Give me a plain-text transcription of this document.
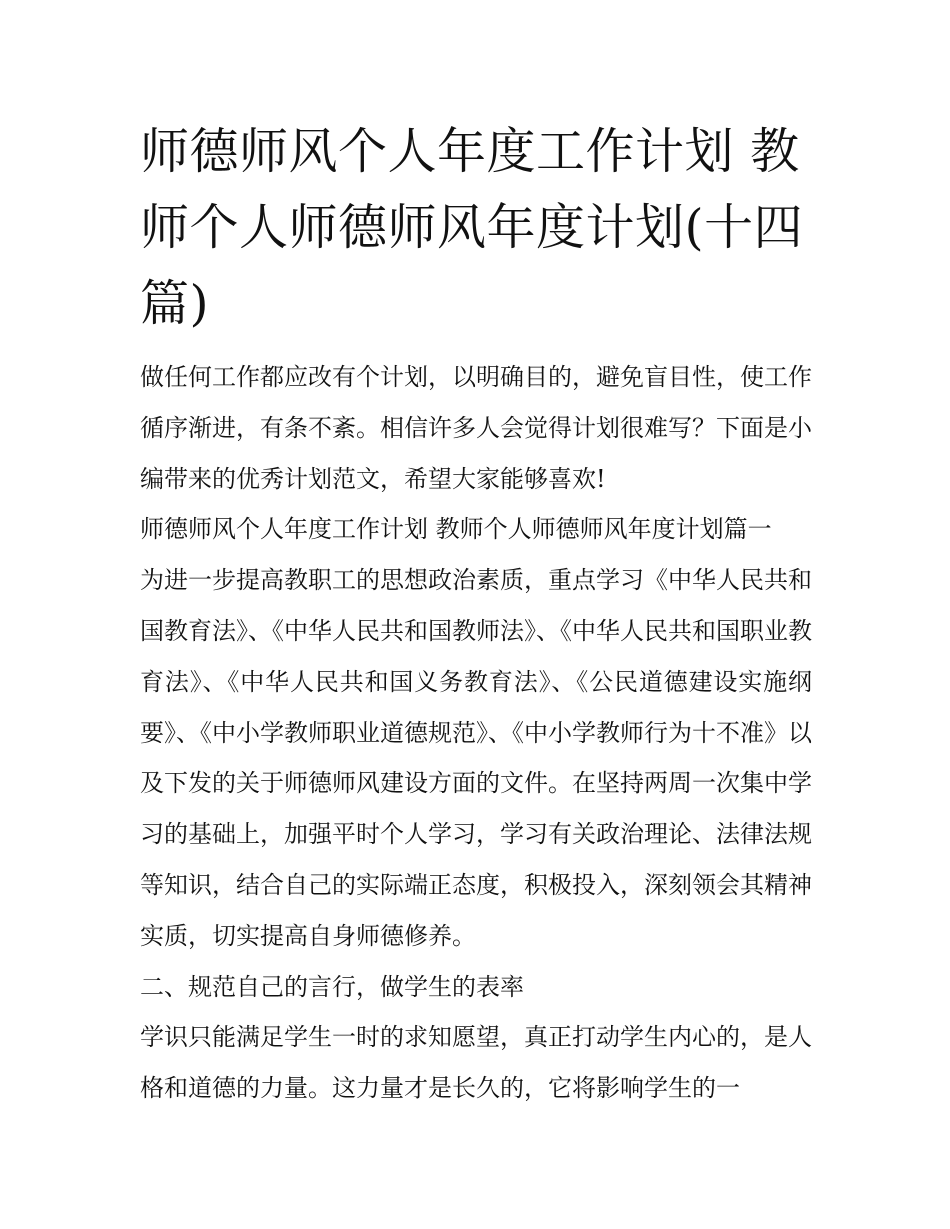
师德师风个人年度工作计划 教师个人师德师风年度计划(十四篇)

做任何工作都应改有个计划，以明确目的，避免盲目性，使工作循序渐进，有条不紊。相信许多人会觉得计划很难写？下面是小编带来的优秀计划范文，希望大家能够喜欢!

师德师风个人年度工作计划 教师个人师德师风年度计划篇一

为进一步提高教职工的思想政治素质，重点学习《中华人民共和国教育法》、《中华人民共和国教师法》、《中华人民共和国职业教育法》、《中华人民共和国义务教育法》、《公民道德建设实施纲要》、《中小学教师职业道德规范》、《中小学教师行为十不准》以及下发的关于师德师风建设方面的文件。在坚持两周一次集中学习的基础上，加强平时个人学习，学习有关政治理论、法律法规等知识，结合自己的实际端正态度，积极投入，深刻领会其精神实质，切实提高自身师德修养。

二、规范自己的言行，做学生的表率

学识只能满足学生一时的求知愿望，真正打动学生内心的，是人格和道德的力量。这力量才是长久的，它将影响学生的一
